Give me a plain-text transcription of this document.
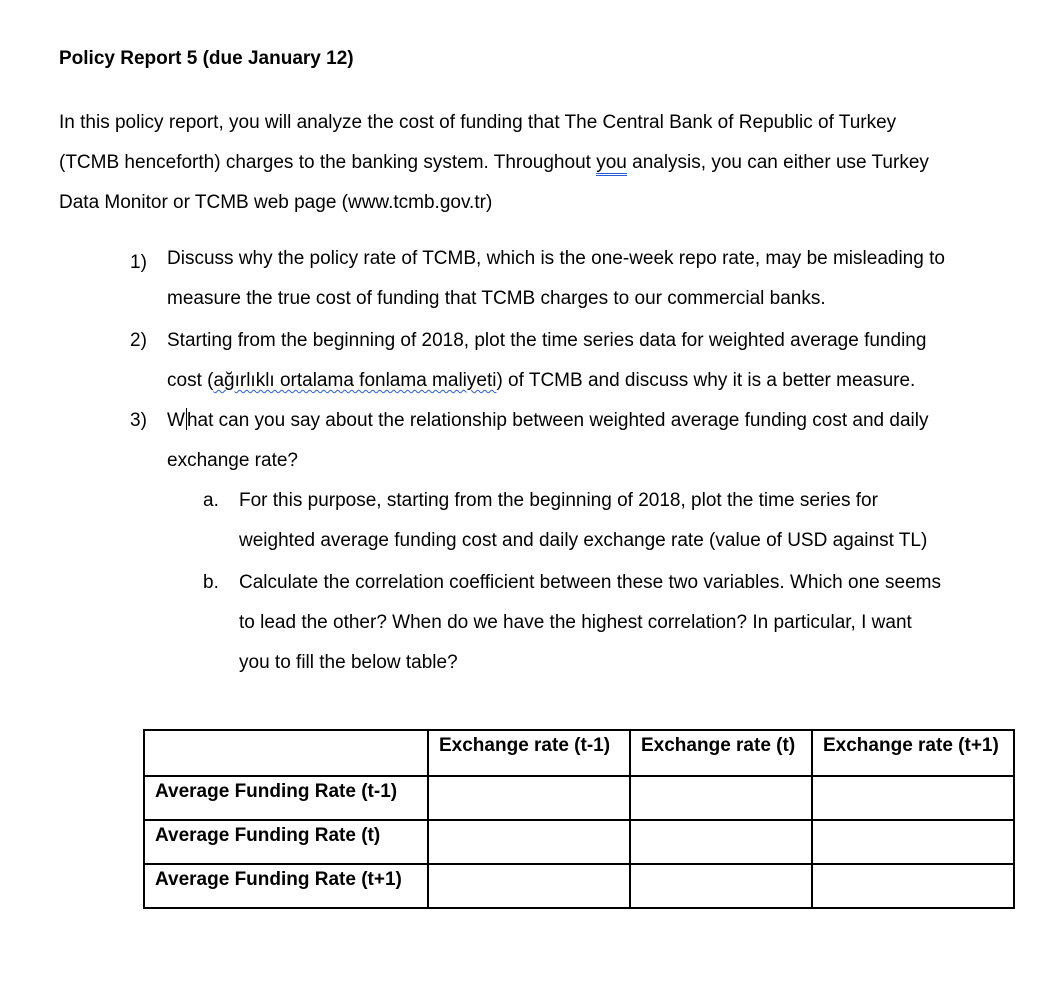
Policy Report 5 (due January 12)
In this policy report, you will analyze the cost of funding that The Central Bank of Republic of Turkey
(TCMB henceforth) charges to the banking system. Throughout you analysis, you can either use Turkey
Data Monitor or TCMB web page (www.tcmb.gov.tr)
1)	Discuss why the policy rate of TCMB, which is the one-week repo rate, may be misleading to
measure the true cost of funding that TCMB charges to our commercial banks.
2)	Starting from the beginning of 2018, plot the time series data for weighted average funding
cost (ağırlıklı ortalama fonlama maliyeti) of TCMB and discuss why it is a better measure.
3)	W hat can you say about the relationship between weighted average funding cost and daily
exchange rate?
a.	For this purpose, starting from the beginning of 2018, plot the time series for
weighted average funding cost and daily exchange rate (value of USD against TL)
b.	Calculate the correlation coefficient between these two variables. Which one seems
to lead the other? When do we have the highest correlation? In particular, I want
you to fill the below table?
	Exchange rate (t-1)	Exchange rate (t)	Exchange rate (t+1)
Average Funding Rate (t-1)			
Average Funding Rate (t)			
Average Funding Rate (t+1)			
